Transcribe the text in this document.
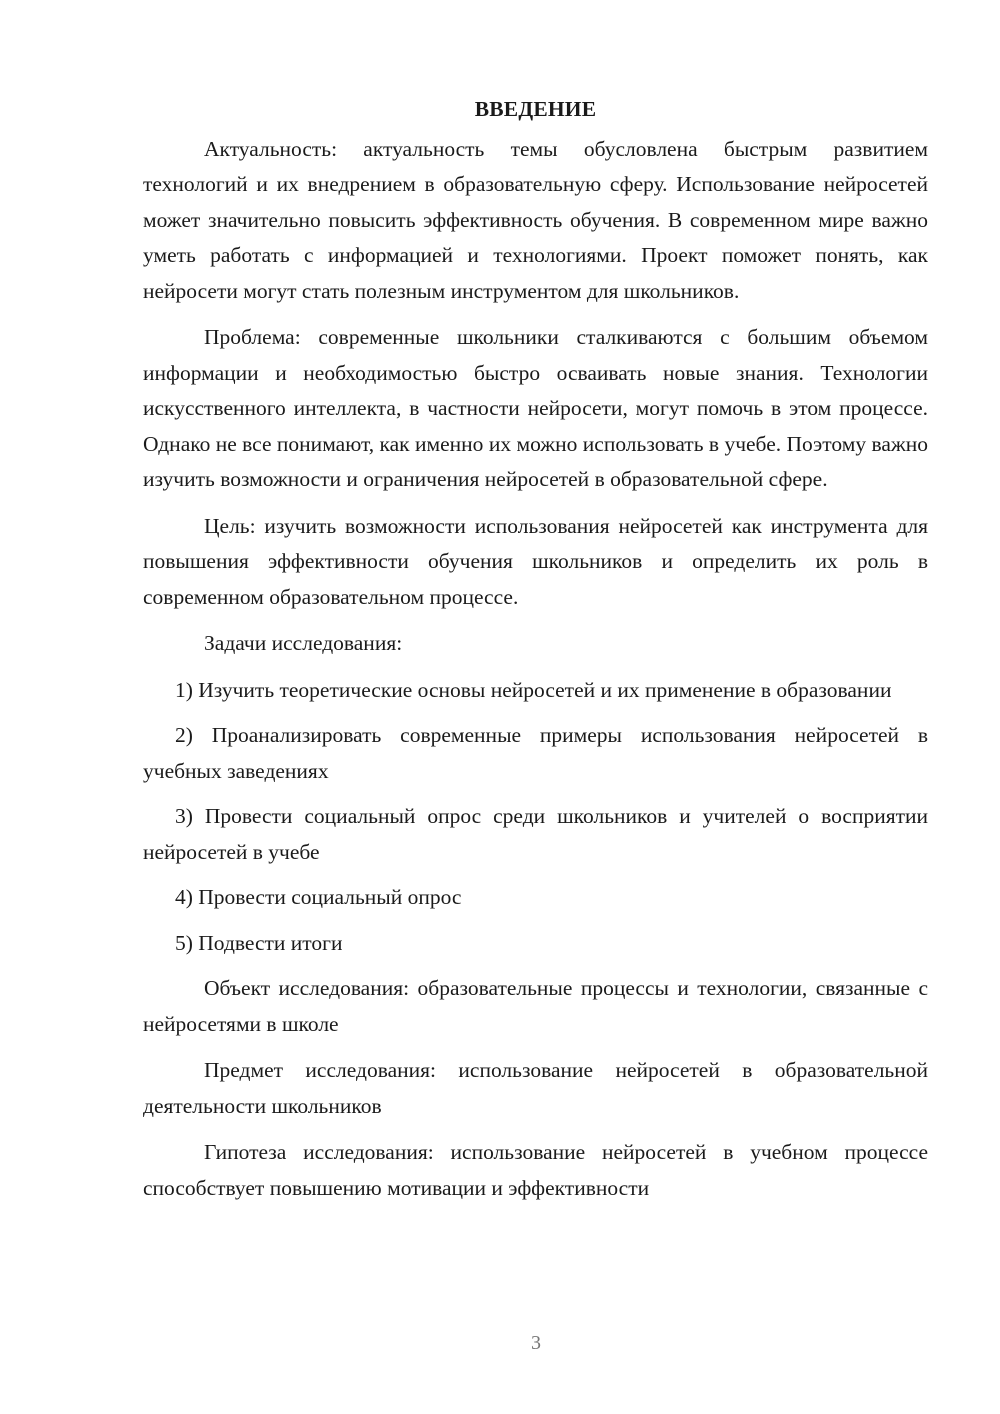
ВВЕДЕНИЕ

Актуальность: актуальность темы обусловлена быстрым развитием технологий и их внедрением в образовательную сферу. Использование нейросетей может значительно повысить эффективность обучения. В современном мире важно уметь работать с информацией и технологиями. Проект поможет понять, как нейросети могут стать полезным инструментом для школьников.

Проблема: современные школьники сталкиваются с большим объемом информации и необходимостью быстро осваивать новые знания. Технологии искусственного интеллекта, в частности нейросети, могут помочь в этом процессе. Однако не все понимают, как именно их можно использовать в учебе. Поэтому важно изучить возможности и ограничения нейросетей в образовательной сфере.

Цель: изучить возможности использования нейросетей как инструмента для повышения эффективности обучения школьников и определить их роль в современном образовательном процессе.

Задачи исследования:

1) Изучить теоретические основы нейросетей и их применение в образовании

2) Проанализировать современные примеры использования нейросетей в учебных заведениях

3) Провести социальный опрос среди школьников и учителей о восприятии нейросетей в учебе

4) Провести социальный опрос

5) Подвести итоги

Объект исследования: образовательные процессы и технологии, связанные с нейросетями в школе

Предмет исследования: использование нейросетей в образовательной деятельности школьников

Гипотеза исследования: использование нейросетей в учебном процессе способствует повышению мотивации и эффективности

3
